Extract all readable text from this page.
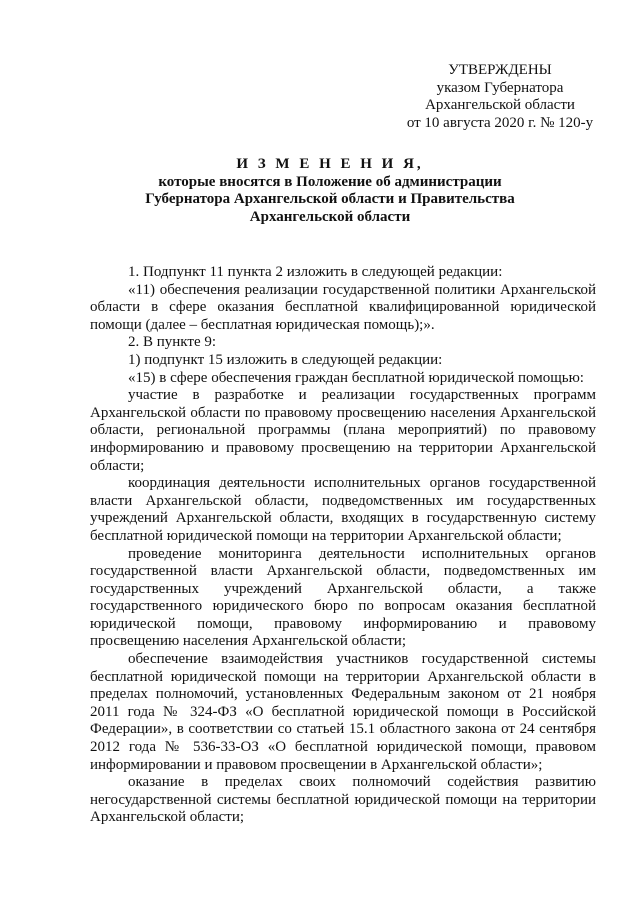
УТВЕРЖДЕНЫ
указом Губернатора
Архангельской области
от 10 августа 2020 г. № 120-у
И З М Е Н Е Н И Я,
которые вносятся в Положение об администрации
Губернатора Архангельской области и Правительства
Архангельской области

1. Подпункт 11 пункта 2 изложить в следующей редакции:

«11) обеспечения реализации государственной политики Архангельской области в сфере оказания бесплатной квалифицированной юридической помощи (далее – бесплатная юридическая помощь);».

2. В пункте 9:

1) подпункт 15 изложить в следующей редакции:

«15) в сфере обеспечения граждан бесплатной юридической помощью:

участие в разработке и реализации государственных программ Архангельской области по правовому просвещению населения Архангельской области, региональной программы (плана мероприятий) по правовому информированию и правовому просвещению на территории Архангельской области;

координация деятельности исполнительных органов государственной власти Архангельской области, подведомственных им государственных учреждений Архангельской области, входящих в государственную систему бесплатной юридической помощи на территории Архангельской области;

проведение мониторинга деятельности исполнительных органов государственной власти Архангельской области, подведомственных им государственных учреждений Архангельской области, а также государственного юридического бюро по вопросам оказания бесплатной юридической помощи, правовому информированию и правовому просвещению населения Архангельской области;

обеспечение взаимодействия участников государственной системы бесплатной юридической помощи на территории Архангельской области в пределах полномочий, установленных Федеральным законом от 21 ноября 2011 года № 324-ФЗ «О бесплатной юридической помощи в Российской Федерации», в соответствии со статьей 15.1 областного закона от 24 сентября 2012 года № 536-33-ОЗ «О бесплатной юридической помощи, правовом информировании и правовом просвещении в Архангельской области»;

оказание в пределах своих полномочий содействия развитию негосударственной системы бесплатной юридической помощи на территории Архангельской области;
